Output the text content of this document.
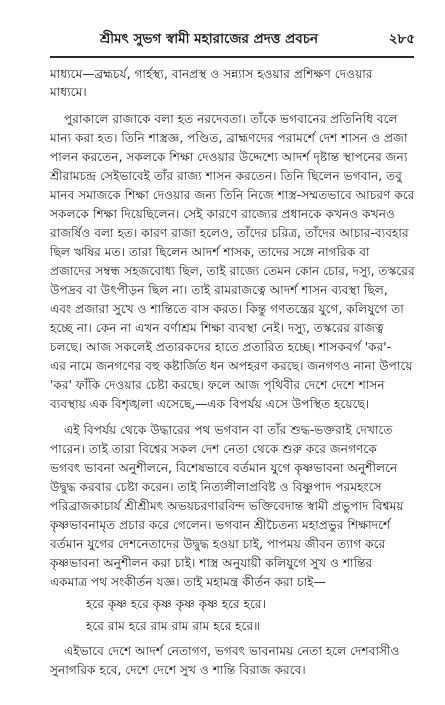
শ্রীমৎ সুভগ স্বামী মহারাজের প্রদত্ত প্রবচন	২৮৫
মাধ্যমে—ব্রহ্মচর্য, গার্হস্থ্য, বানপ্রস্থ ও সন্ন্যাস হওয়ার প্রশিক্ষণ দেওয়ার
মাধ্যমে।
পুরাকালে রাজাকে বলা হত নরদেবতা। তাঁকে ভগবানের প্রতিনিধি বলে
মান্য করা হত। তিনি শাস্ত্রজ্ঞ, পণ্ডিত, ব্রাহ্মণদের পরামর্শে দেশ শাসন ও প্রজা
পালন করতেন, সকলকে শিক্ষা দেওয়ার উদ্দেশ্যে আদর্শ দৃষ্টান্ত স্থাপনের জন্য
শ্রীরামচন্দ্র সেইভাবেই তাঁর রাজ্য শাসন করতেন। তিনি ছিলেন ভগবান, তবু
মানব সমাজকে শিক্ষা দেওয়ার জন্য তিনি নিজে শাস্ত্র-সম্মতভাবে আচরণ করে
সকলকে শিক্ষা দিয়েছিলেন। সেই কারণে রাজ্যের প্রধানকে কখনও কখনও
রাজর্ষিও বলা হত। কারণ রাজা হলেও, তাঁদের চরিত্র, তাঁদের আচার-ব্যবহার
ছিল ঋষির মত। তারা ছিলেন আদর্শ শাসক, তাদের সঙ্গে নাগরিক বা
প্রজাদের সম্বন্ধ সহজবোধ্য ছিল, তাই রাজ্যে তেমন কোন চোর, দস্যু, তস্করের
উপদ্রব বা উৎপীড়ন ছিল না। তাই রামরাজত্বে আদর্শ শাসন ব্যবস্থা ছিল,
এবং প্রজারা সুখে ও শান্তিতে বাস করত। কিন্তু গণতন্ত্রের যুগে, কলিযুগে তা
হচ্ছে না। কেন না এখন বর্ণাশ্রম শিক্ষা ব্যবস্থা নেই। দস্যু, তস্করের রাজত্ব
চলছে। আজ সকলেই প্রতারকদের হাতে প্রতারিত হচ্ছে। শাসকবর্গ 'কর'-
এর নামে জনগণের বহু কষ্টার্জিত ধন অপহরণ করছে। জনগণও নানা উপায়ে
'কর' ফাঁকি দেওয়ার চেষ্টা করছে। ফলে আজ পৃথিবীর দেশে দেশে শাসন
ব্যবস্থায় এক বিশৃঙ্খলা এসেছে,—এক বিপর্যয় এসে উপস্থিত হয়েছে।
এই বিপর্যয় থেকে উদ্ধারের পথ ভগবান বা তাঁর শুদ্ধ-ভক্তরাই দেখাতে
পারেন। তাই তারা বিশ্বের সকল দেশ নেতা থেকে শুরু করে জনগণকে
ভগবৎ ভাবনা অনুশীলনে, বিশেষভাবে বর্তমান যুগে কৃষ্ণভাবনা অনুশীলনে
উদ্বুদ্ধ করবার চেষ্টা করেন। তাই নিত্যলীলাপ্রবিষ্ট ও বিষ্ণুপাদ পরমহংসে
পরিব্রাজকাচার্য শ্রীশ্রীমৎ অভয়চরণারবিন্দ ভক্তিবেদান্ত স্বামী প্রভুপাদ বিশ্বময়
কৃষ্ণভাবনামৃত প্রচার করে গেলেন। ভগবান শ্রীচৈতন্য মহাপ্রভুর শিক্ষাদর্শে
বর্তমান যুগের দেশনেতাদের উদ্বুদ্ধ হওয়া চাই, পাপময় জীবন ত্যাগ করে
কৃষ্ণভাবনা অনুশীলন করা চাই। শাস্ত্র অনুযায়ী কলিযুগে সুখ ও শান্তির
একমাত্র পথ সংকীর্তন যজ্ঞ। তাই মহামন্ত্র কীর্তন করা চাই—
হরে কৃষ্ণ হরে কৃষ্ণ কৃষ্ণ কৃষ্ণ হরে হরে।
হরে রাম হরে রাম রাম রাম হরে হরে॥
এইভাবে দেশে আদর্শ নেতাগণ, ভগবৎ ভাবনাময় নেতা হলে দেশবাসীও
সুনাগরিক হবে, দেশে দেশে সুখ ও শান্তি বিরাজ করবে।
